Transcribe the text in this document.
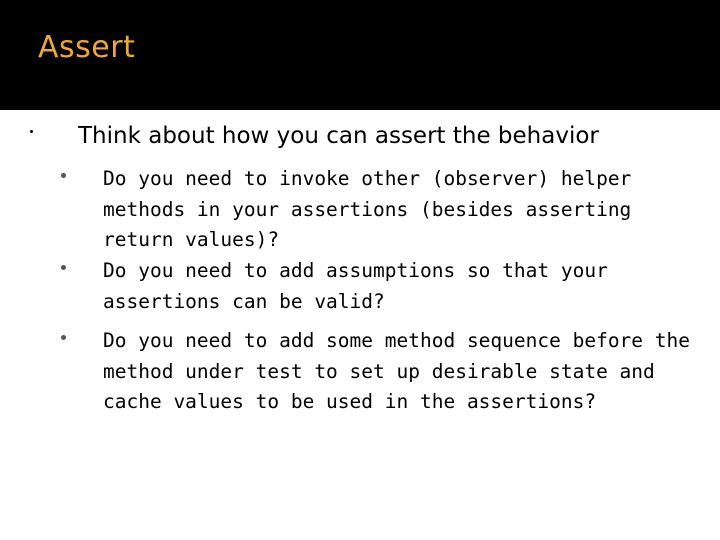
Assert
Think about how you can assert the behavior
Do you need to invoke other (observer) helper methods in your assertions (besides asserting return values)?
Do you need to add assumptions so that your assertions can be valid?
Do you need to add some method sequence before the method under test to set up desirable state and cache values to be used in the assertions?
